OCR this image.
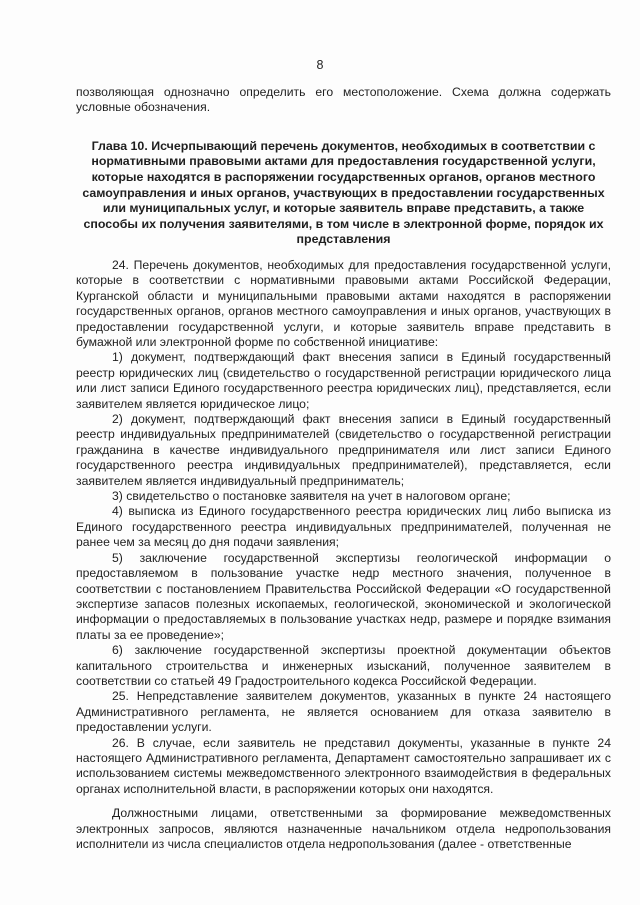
8

позволяющая однозначно определить его местоположение. Схема должна содержать условные обозначения.

Глава 10. Исчерпывающий перечень документов, необходимых в соответствии с нормативными правовыми актами для предоставления государственной услуги, которые находятся в распоряжении государственных органов, органов местного самоуправления и иных органов, участвующих в предоставлении государственных или муниципальных услуг, и которые заявитель вправе представить, а также способы их получения заявителями, в том числе в электронной форме, порядок их представления

24. Перечень документов, необходимых для предоставления государственной услуги, которые в соответствии с нормативными правовыми актами Российской Федерации, Курганской области и муниципальными правовыми актами находятся в распоряжении государственных органов, органов местного самоуправления и иных органов, участвующих в предоставлении государственной услуги, и которые заявитель вправе представить в бумажной или электронной форме по собственной инициативе:

1) документ, подтверждающий факт внесения записи в Единый государственный реестр юридических лиц (свидетельство о государственной регистрации юридического лица или лист записи Единого государственного реестра юридических лиц), представляется, если заявителем является юридическое лицо;

2) документ, подтверждающий факт внесения записи в Единый государственный реестр индивидуальных предпринимателей (свидетельство о государственной регистрации гражданина в качестве индивидуального предпринимателя или лист записи Единого государственного реестра индивидуальных предпринимателей), представляется, если заявителем является индивидуальный предприниматель;

3) свидетельство о постановке заявителя на учет в налоговом органе;

4) выписка из Единого государственного реестра юридических лиц либо выписка из Единого государственного реестра индивидуальных предпринимателей, полученная не ранее чем за месяц до дня подачи заявления;

5) заключение государственной экспертизы геологической информации о предоставляемом в пользование участке недр местного значения, полученное в соответствии с постановлением Правительства Российской Федерации «О государственной экспертизе запасов полезных ископаемых, геологической, экономической и экологической информации о предоставляемых в пользование участках недр, размере и порядке взимания платы за ее проведение»;

6) заключение государственной экспертизы проектной документации объектов капитального строительства и инженерных изысканий, полученное заявителем в соответствии со статьей 49 Градостроительного кодекса Российской Федерации.

25. Непредставление заявителем документов, указанных в пункте 24 настоящего Административного регламента, не является основанием для отказа заявителю в предоставлении услуги.

26. В случае, если заявитель не представил документы, указанные в пункте 24 настоящего Административного регламента, Департамент самостоятельно запрашивает их с использованием системы межведомственного электронного взаимодействия в федеральных органах исполнительной власти, в распоряжении которых они находятся.

Должностными лицами, ответственными за формирование межведомственных электронных запросов, являются назначенные начальником отдела недропользования исполнители из числа специалистов отдела недропользования (далее - ответственные
